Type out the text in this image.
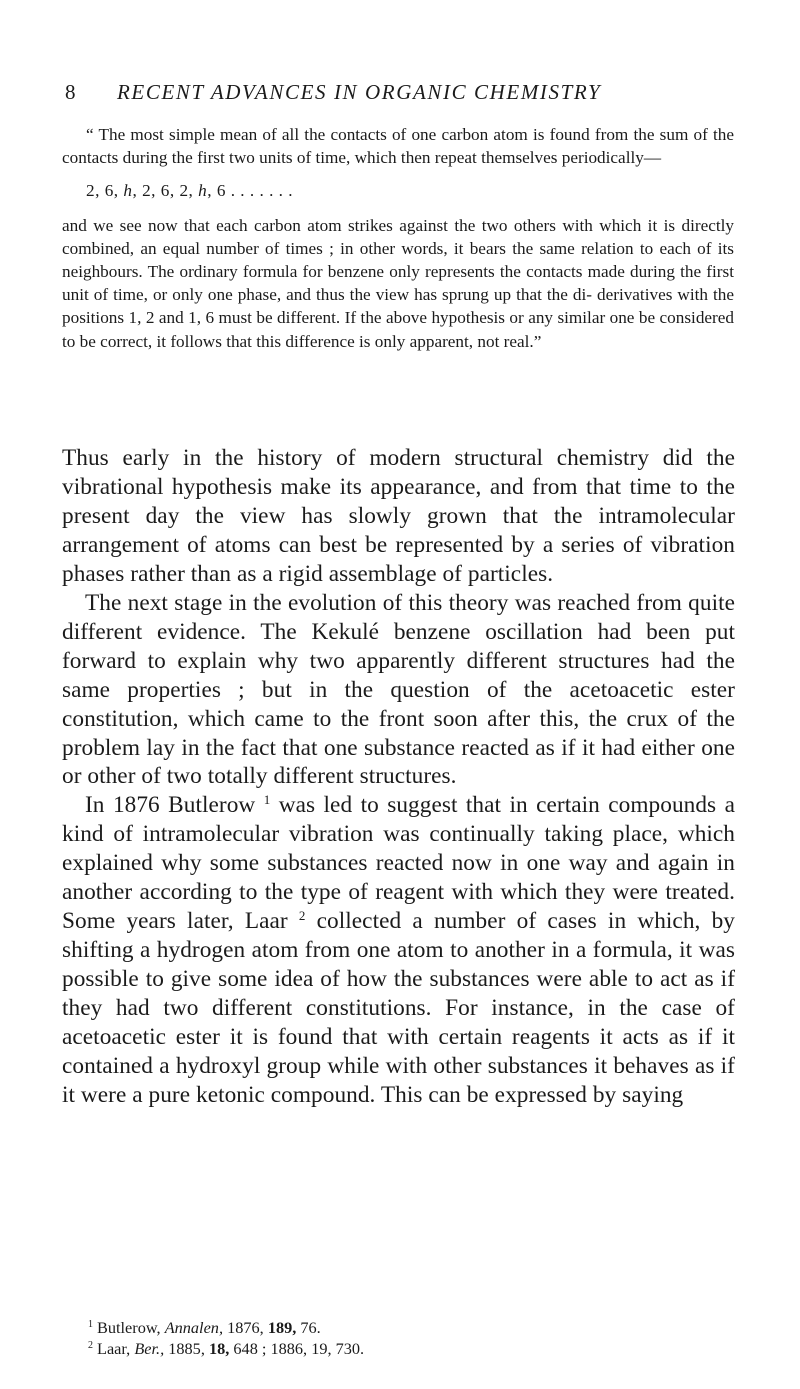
8 RECENT ADVANCES IN ORGANIC CHEMISTRY

“ The most simple mean of all the contacts of one carbon atom is found from the sum of the contacts during the first two units of time, which then repeat themselves periodically—

2, 6, h, 2, 6, 2, h, 6 . . . . . . .

and we see now that each carbon atom strikes against the two others with which it is directly combined, an equal number of times ; in other words, it bears the same relation to each of its neighbours. The ordinary formula for benzene only represents the contacts made during the first unit of time, or only one phase, and thus the view has sprung up that the di- derivatives with the positions 1, 2 and 1, 6 must be different. If the above hypothesis or any similar one be considered to be correct, it follows that this difference is only apparent, not real.”

Thus early in the history of modern structural chemistry did the vibrational hypothesis make its appearance, and from that time to the present day the view has slowly grown that the intramolecular arrangement of atoms can best be represented by a series of vibration phases rather than as a rigid assemblage of particles.

The next stage in the evolution of this theory was reached from quite different evidence. The Kekulé benzene oscillation had been put forward to explain why two apparently different structures had the same properties ; but in the question of the acetoacetic ester constitution, which came to the front soon after this, the crux of the problem lay in the fact that one substance reacted as if it had either one or other of two totally different structures.

In 1876 Butlerow $^1$ was led to suggest that in certain compounds a kind of intramolecular vibration was continually taking place, which explained why some substances reacted now in one way and again in another according to the type of reagent with which they were treated. Some years later, Laar $^2$ collected a number of cases in which, by shifting a hydrogen atom from one atom to another in a formula, it was possible to give some idea of how the substances were able to act as if they had two different constitutions. For instance, in the case of acetoacetic ester it is found that with certain reagents it acts as if it contained a hydroxyl group while with other substances it behaves as if it were a pure ketonic compound. This can be expressed by saying

$^1$ Butlerow, Annalen, 1876, 189, 76.

$^2$ Laar, Ber., 1885, 18, 648 ; 1886, 19, 730.
